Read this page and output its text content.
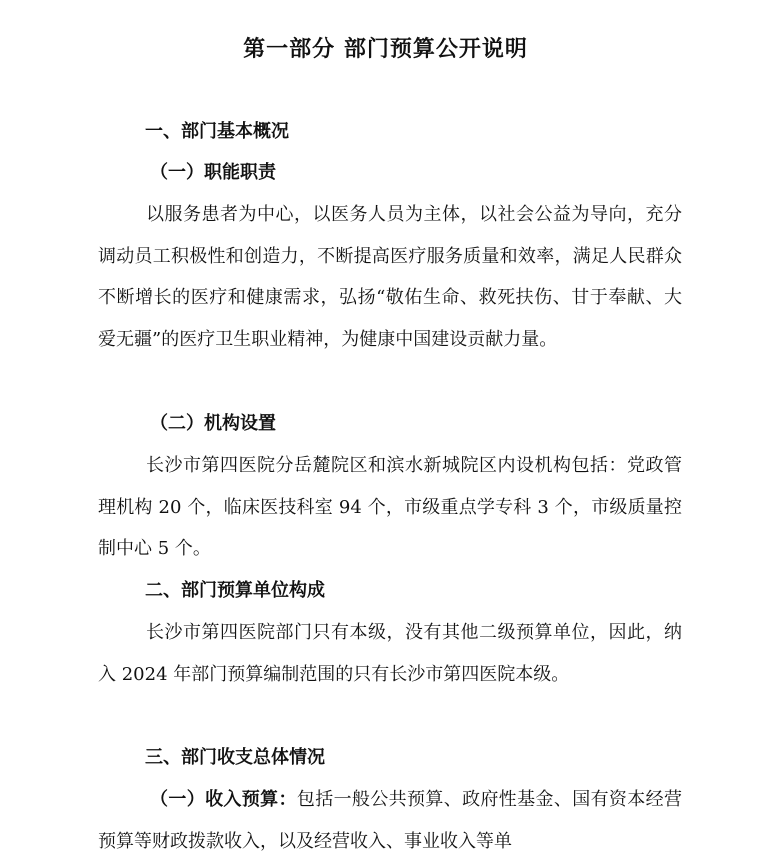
第一部分 部门预算公开说明
一、部门基本概况
（一）职能职责

以服务患者为中心，以医务人员为主体，以社会公益为导向，充分调动员工积极性和创造力，不断提高医疗服务质量和效率，满足人民群众不断增长的医疗和健康需求，弘扬“敬佑生命、救死扶伤、甘于奉献、大爱无疆”的医疗卫生职业精神，为健康中国建设贡献力量。

（二）机构设置

长沙市第四医院分岳麓院区和滨水新城院区内设机构包括：党政管理机构 20 个，临床医技科室 94 个，市级重点学专科 3 个，市级质量控制中心 5 个。

二、部门预算单位构成

长沙市第四医院部门只有本级，没有其他二级预算单位，因此，纳入 2024 年部门预算编制范围的只有长沙市第四医院本级。

三、部门收支总体情况

（一）收入预算：包括一般公共预算、政府性基金、国有资本经营预算等财政拨款收入，以及经营收入、事业收入等单
